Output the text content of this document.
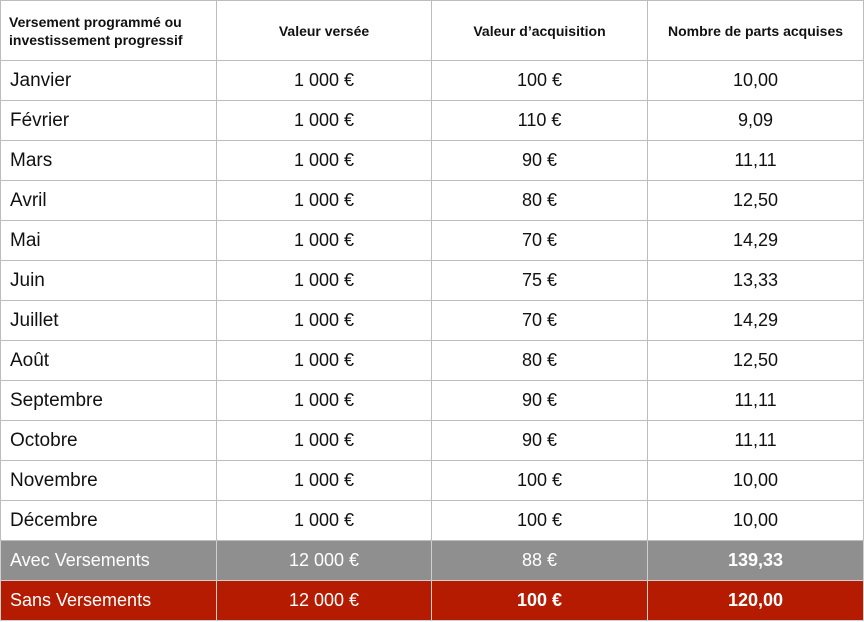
Versement programmé ou investissement progressif	Valeur versée	Valeur d’acquisition	Nombre de parts acquises
Janvier	1 000 €	100 €	10,00
Février	1 000 €	110 €	9,09
Mars	1 000 €	90 €	11,11
Avril	1 000 €	80 €	12,50
Mai	1 000 €	70 €	14,29
Juin	1 000 €	75 €	13,33
Juillet	1 000 €	70 €	14,29
Août	1 000 €	80 €	12,50
Septembre	1 000 €	90 €	11,11
Octobre	1 000 €	90 €	11,11
Novembre	1 000 €	100 €	10,00
Décembre	1 000 €	100 €	10,00
Avec Versements	12 000 €	88 €	139,33
Sans Versements	12 000 €	100 €	120,00
